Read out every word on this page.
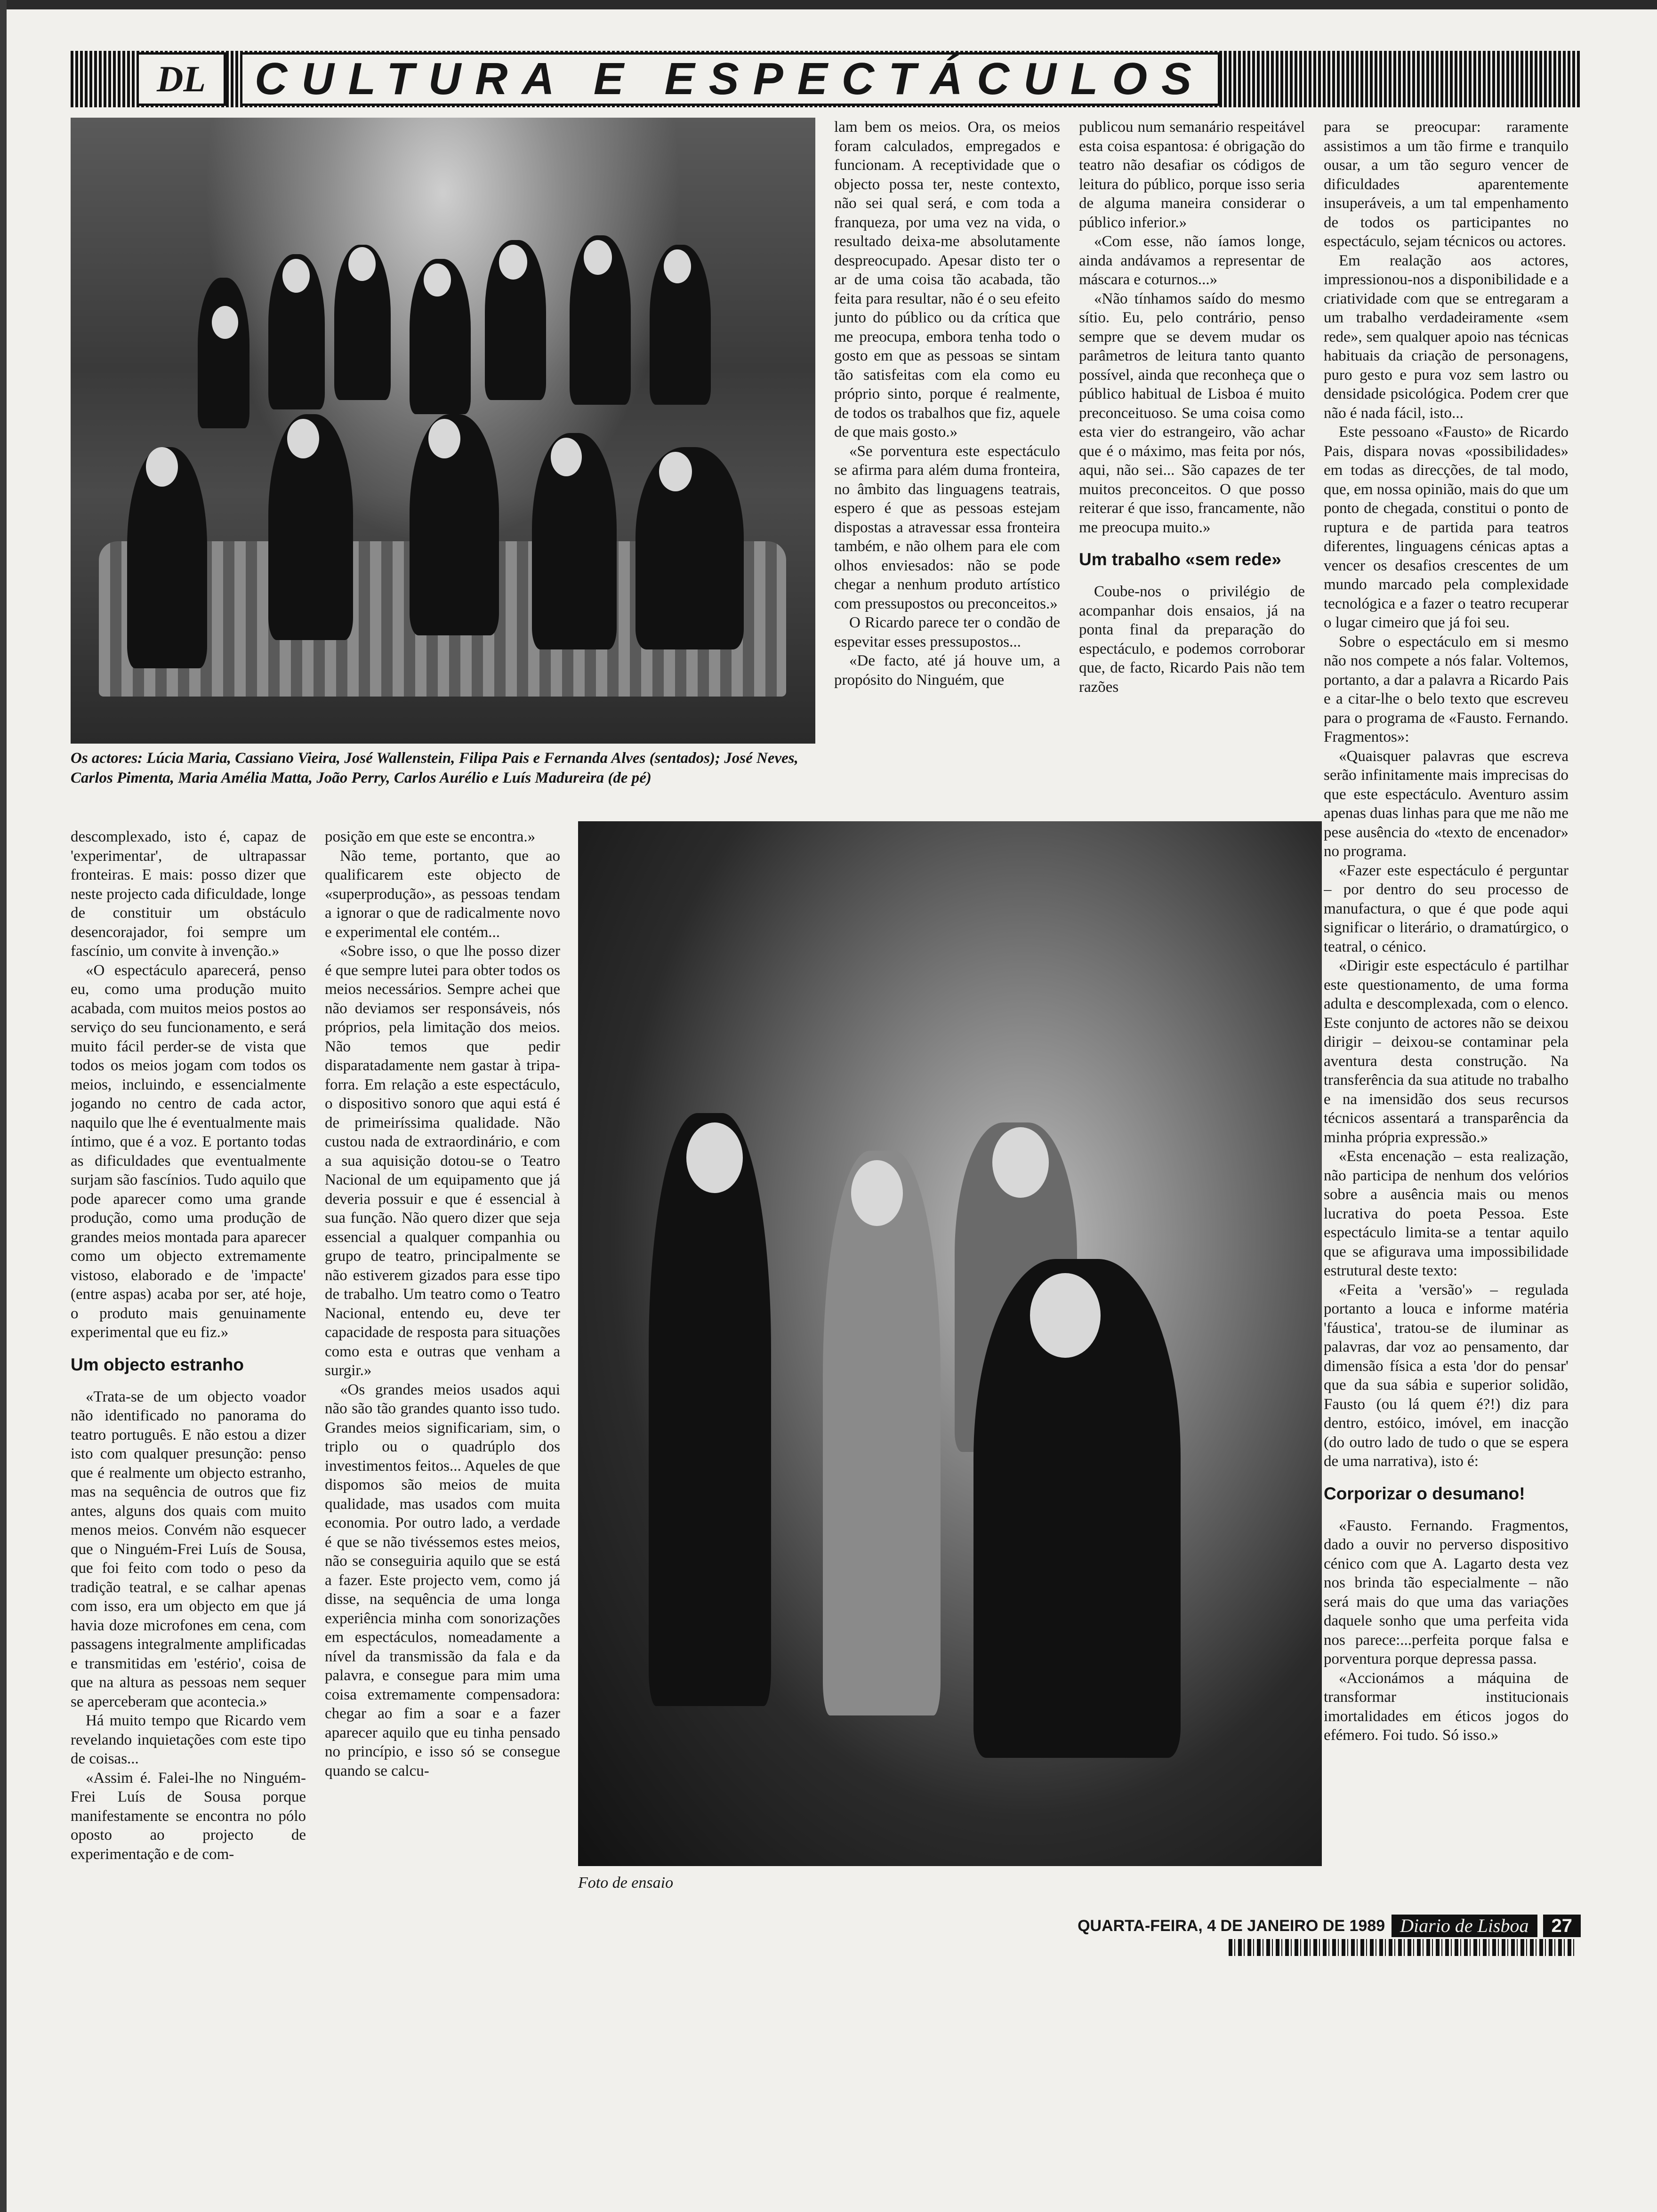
DL	CULTURA E ESPECTÁCULOS

Os actores: Lúcia Maria, Cassiano Vieira, José Wallenstein, Filipa Pais e Fernanda Alves (sentados); José Neves, Carlos Pimenta, Maria Amélia Matta, João Perry, Carlos Aurélio e Luís Madureira (de pé)

lam bem os meios. Ora, os meios foram calculados, empregados e funcionam. A receptividade que o objecto possa ter, neste contexto, não sei qual será, e com toda a franqueza, por uma vez na vida, o resultado deixa-me absolutamente despreocupado. Apesar disto ter o ar de uma coisa tão acabada, tão feita para resultar, não é o seu efeito junto do público ou da crítica que me preocupa, embora tenha todo o gosto em que as pessoas se sintam tão satisfeitas com ela como eu próprio sinto, porque é realmente, de todos os trabalhos que fiz, aquele de que mais gosto.»

«Se porventura este espectáculo se afirma para além duma fronteira, no âmbito das linguagens teatrais, espero é que as pessoas estejam dispostas a atravessar essa fronteira também, e não olhem para ele com olhos enviesados: não se pode chegar a nenhum produto artístico com pressupostos ou preconceitos.»

O Ricardo parece ter o condão de espevitar esses pressupostos...

«De facto, até já houve um, a propósito do Ninguém, que

publicou num semanário respeitável esta coisa espantosa: é obrigação do teatro não desafiar os códigos de leitura do público, porque isso seria de alguma maneira considerar o público inferior.»

«Com esse, não íamos longe, ainda andávamos a representar de máscara e coturnos...»

«Não tínhamos saído do mesmo sítio. Eu, pelo contrário, penso sempre que se devem mudar os parâmetros de leitura tanto quanto possível, ainda que reconheça que o público habitual de Lisboa é muito preconceituoso. Se uma coisa como esta vier do estrangeiro, vão achar que é o máximo, mas feita por nós, aqui, não sei... São capazes de ter muitos preconceitos. O que posso reiterar é que isso, francamente, não me preocupa muito.»

Um trabalho «sem rede»

Coube-nos o privilégio de acompanhar dois ensaios, já na ponta final da preparação do espectáculo, e podemos corroborar que, de facto, Ricardo Pais não tem razões

para se preocupar: raramente assistimos a um tão firme e tranquilo ousar, a um tão seguro vencer de dificuldades aparentemente insuperáveis, a um tal empenhamento de todos os participantes no espectáculo, sejam técnicos ou actores.

Em realação aos actores, impressionou-nos a disponibilidade e a criatividade com que se entregaram a um trabalho verdadeiramente «sem rede», sem qualquer apoio nas técnicas habituais da criação de personagens, puro gesto e pura voz sem lastro ou densidade psicológica. Podem crer que não é nada fácil, isto...

Este pessoano «Fausto» de Ricardo Pais, dispara novas «possibilidades» em todas as direcções, de tal modo, que, em nossa opinião, mais do que um ponto de chegada, constitui o ponto de ruptura e de partida para teatros diferentes, linguagens cénicas aptas a vencer os desafios crescentes de um mundo marcado pela complexidade tecnológica e a fazer o teatro recuperar o lugar cimeiro que já foi seu.

Sobre o espectáculo em si mesmo não nos compete a nós falar. Voltemos, portanto, a dar a palavra a Ricardo Pais e a citar-lhe o belo texto que escreveu para o programa de «Fausto. Fernando. Fragmentos»:

«Quaisquer palavras que escreva serão infinitamente mais imprecisas do que este espectáculo. Aventuro assim apenas duas linhas para que me não me pese ausência do «texto de encenador» no programa.

«Fazer este espectáculo é perguntar – por dentro do seu processo de manufactura, o que é que pode aqui significar o literário, o dramatúrgico, o teatral, o cénico.

«Dirigir este espectáculo é partilhar este questionamento, de uma forma adulta e descomplexada, com o elenco. Este conjunto de actores não se deixou dirigir – deixou-se contaminar pela aventura desta construção. Na transferência da sua atitude no trabalho e na imensidão dos seus recursos técnicos assentará a transparência da minha própria expressão.»

«Esta encenação – esta realização, não participa de nenhum dos velórios sobre a ausência mais ou menos lucrativa do poeta Pessoa. Este espectáculo limita-se a tentar aquilo que se afigurava uma impossibilidade estrutural deste texto:

«Feita a 'versão'» – regulada portanto a louca e informe matéria 'fáustica', tratou-se de iluminar as palavras, dar voz ao pensamento, dar dimensão física a esta 'dor do pensar' que da sua sábia e superior solidão, Fausto (ou lá quem é?!) diz para dentro, estóico, imóvel, em inacção (do outro lado de tudo o que se espera de uma narrativa), isto é:

Corporizar o desumano!

«Fausto. Fernando. Fragmentos, dado a ouvir no perverso dispositivo cénico com que A. Lagarto desta vez nos brinda tão especialmente – não será mais do que uma das variações daquele sonho que uma perfeita vida nos parece:...perfeita porque falsa e porventura porque depressa passa.

«Accionámos a máquina de transformar institucionais imortalidades em éticos jogos do efémero. Foi tudo. Só isso.»

descomplexado, isto é, capaz de 'experimentar', de ultrapassar fronteiras. E mais: posso dizer que neste projecto cada dificuldade, longe de constituir um obstáculo desencorajador, foi sempre um fascínio, um convite à invenção.»

«O espectáculo aparecerá, penso eu, como uma produção muito acabada, com muitos meios postos ao serviço do seu funcionamento, e será muito fácil perder-se de vista que todos os meios jogam com todos os meios, incluindo, e essencialmente jogando no centro de cada actor, naquilo que lhe é eventualmente mais íntimo, que é a voz. E portanto todas as dificuldades que eventualmente surjam são fascínios. Tudo aquilo que pode aparecer como uma grande produção, como uma produção de grandes meios montada para aparecer como um objecto extremamente vistoso, elaborado e de 'impacte' (entre aspas) acaba por ser, até hoje, o produto mais genuinamente experimental que eu fiz.»

Um objecto estranho

«Trata-se de um objecto voador não identificado no panorama do teatro português. E não estou a dizer isto com qualquer presunção: penso que é realmente um objecto estranho, mas na sequência de outros que fiz antes, alguns dos quais com muito menos meios. Convém não esquecer que o Ninguém-Frei Luís de Sousa, que foi feito com todo o peso da tradição teatral, e se calhar apenas com isso, era um objecto em que já havia doze microfones em cena, com passagens integralmente amplificadas e transmitidas em 'estério', coisa de que na altura as pessoas nem sequer se aperceberam que acontecia.»

Há muito tempo que Ricardo vem revelando inquietações com este tipo de coisas...

«Assim é. Falei-lhe no Ninguém-Frei Luís de Sousa porque manifestamente se encontra no pólo oposto ao projecto de experimentação e de com-

posição em que este se encontra.»

Não teme, portanto, que ao qualificarem este objecto de «superprodução», as pessoas tendam a ignorar o que de radicalmente novo e experimental ele contém...

«Sobre isso, o que lhe posso dizer é que sempre lutei para obter todos os meios necessários. Sempre achei que não deviamos ser responsáveis, nós próprios, pela limitação dos meios. Não temos que pedir disparatadamente nem gastar à tripa-forra. Em relação a este espectáculo, o dispositivo sonoro que aqui está é de primeiríssima qualidade. Não custou nada de extraordinário, e com a sua aquisição dotou-se o Teatro Nacional de um equipamento que já deveria possuir e que é essencial à sua função. Não quero dizer que seja essencial a qualquer companhia ou grupo de teatro, principalmente se não estiverem gizados para esse tipo de trabalho. Um teatro como o Teatro Nacional, entendo eu, deve ter capacidade de resposta para situações como esta e outras que venham a surgir.»

«Os grandes meios usados aqui não são tão grandes quanto isso tudo. Grandes meios significariam, sim, o triplo ou o quadrúplo dos investimentos feitos... Aqueles de que dispomos são meios de muita qualidade, mas usados com muita economia. Por outro lado, a verdade é que se não tivéssemos estes meios, não se conseguiria aquilo que se está a fazer. Este projecto vem, como já disse, na sequência de uma longa experiência minha com sonorizações em espectáculos, nomeadamente a nível da transmissão da fala e da palavra, e consegue para mim uma coisa extremamente compensadora: chegar ao fim a soar e a fazer aparecer aquilo que eu tinha pensado no princípio, e isso só se consegue quando se calcu-

Foto de ensaio
QUARTA-FEIRA, 4 DE JANEIRO DE 1989 Diario de Lisboa	27
